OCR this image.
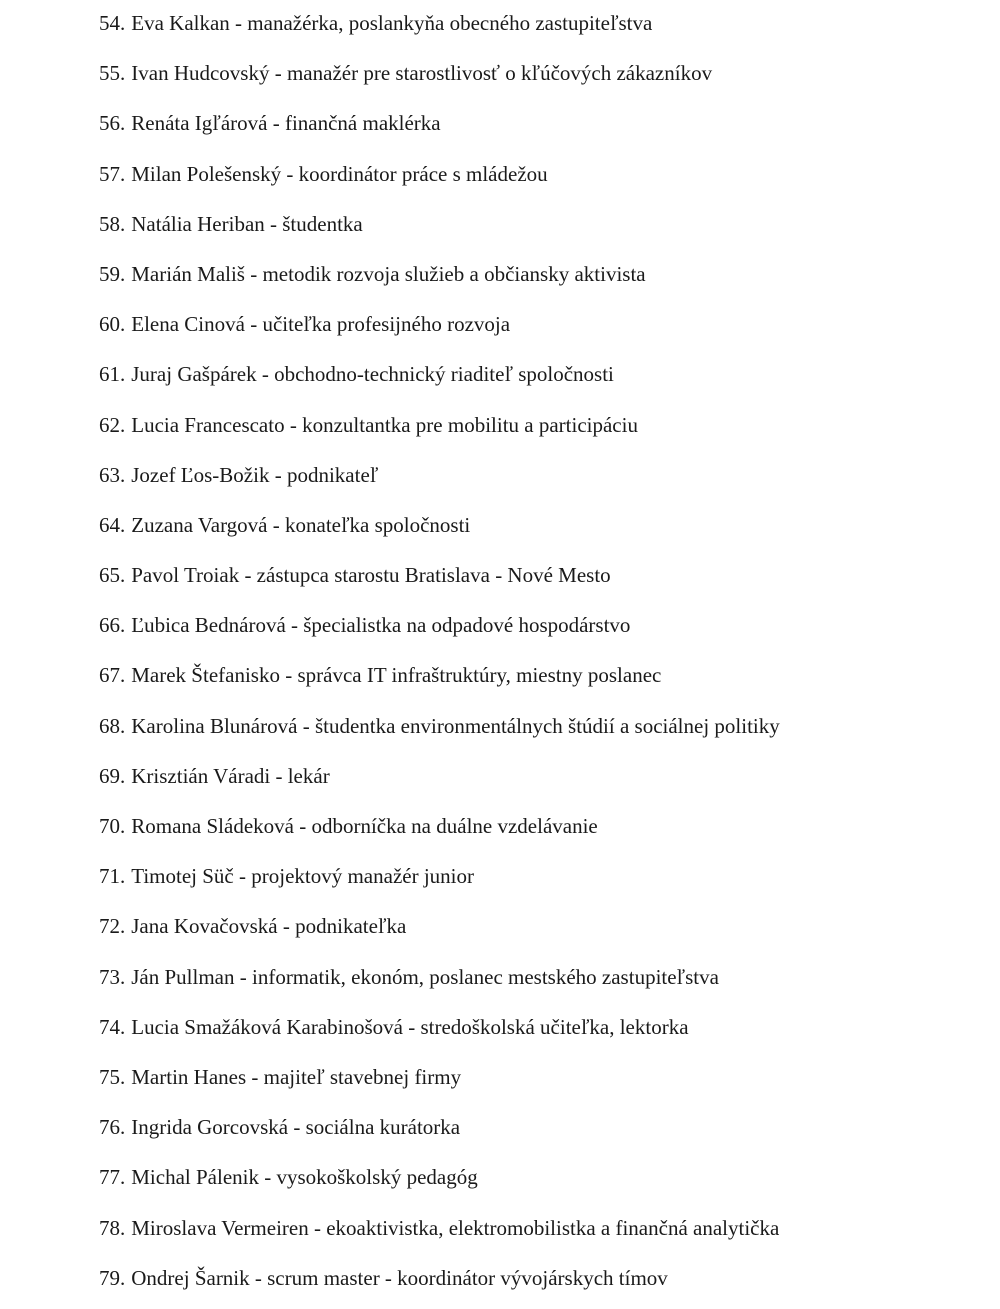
54. Eva Kalkan - manažérka, poslankyňa obecného zastupiteľstva
55. Ivan Hudcovský - manažér pre starostlivosť o kľúčových zákazníkov
56. Renáta Igľárová - finančná maklérka
57. Milan Polešenský - koordinátor práce s mládežou
58. Natália Heriban - študentka
59. Marián Mališ - metodik rozvoja služieb a občiansky aktivista
60. Elena Cinová - učiteľka profesijného rozvoja
61. Juraj Gašpárek - obchodno-technický riaditeľ spoločnosti
62. Lucia Francescato - konzultantka pre mobilitu a participáciu
63. Jozef Ľos-Božik - podnikateľ
64. Zuzana Vargová - konateľka spoločnosti
65. Pavol Troiak - zástupca starostu Bratislava - Nové Mesto
66. Ľubica Bednárová - špecialistka na odpadové hospodárstvo
67. Marek Štefanisko - správca IT infraštruktúry, miestny poslanec
68. Karolina Blunárová - študentka environmentálnych štúdií a sociálnej politiky
69. Krisztián Váradi - lekár
70. Romana Sládeková - odborníčka na duálne vzdelávanie
71. Timotej Süč - projektový manažér junior
72. Jana Kovačovská - podnikateľka
73. Ján Pullman - informatik, ekonóm, poslanec mestského zastupiteľstva
74. Lucia Smažáková Karabinošová - stredoškolská učiteľka, lektorka
75. Martin Hanes - majiteľ stavebnej firmy
76. Ingrida Gorcovská - sociálna kurátorka
77. Michal Pálenik - vysokoškolský pedagóg
78. Miroslava Vermeiren - ekoaktivistka, elektromobilistka a finančná analytička
79. Ondrej Šarnik - scrum master - koordinátor vývojárskych tímov
